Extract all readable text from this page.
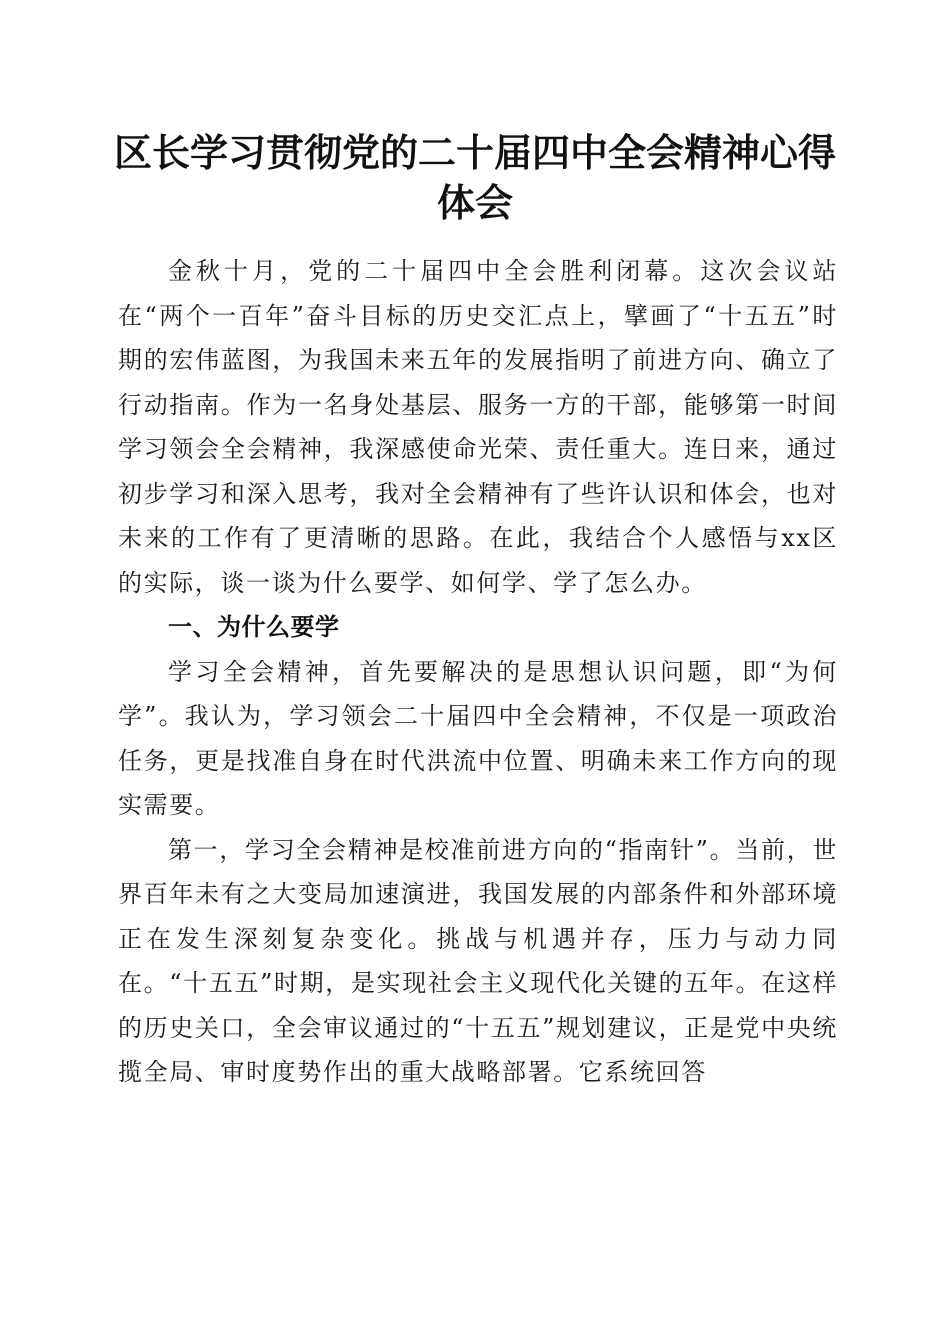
区长学习贯彻党的二十届四中全会精神心得体会

金秋十月，党的二十届四中全会胜利闭幕。这次会议站在“两个一百年”奋斗目标的历史交汇点上，擘画了“十五五”时期的宏伟蓝图，为我国未来五年的发展指明了前进方向、确立了行动指南。作为一名身处基层、服务一方的干部，能够第一时间学习领会全会精神，我深感使命光荣、责任重大。连日来，通过初步学习和深入思考，我对全会精神有了些许认识和体会，也对未来的工作有了更清晰的思路。在此，我结合个人感悟与xx区的实际，谈一谈为什么要学、如何学、学了怎么办。

一、为什么要学

学习全会精神，首先要解决的是思想认识问题，即“为何学”。我认为，学习领会二十届四中全会精神，不仅是一项政治任务，更是找准自身在时代洪流中位置、明确未来工作方向的现实需要。

第一，学习全会精神是校准前进方向的“指南针”。当前，世界百年未有之大变局加速演进，我国发展的内部条件和外部环境正在发生深刻复杂变化。挑战与机遇并存，压力与动力同在。“十五五”时期，是实现社会主义现代化关键的五年。在这样的历史关口，全会审议通过的“十五五”规划建议，正是党中央统揽全局、审时度势作出的重大战略部署。它系统回答
